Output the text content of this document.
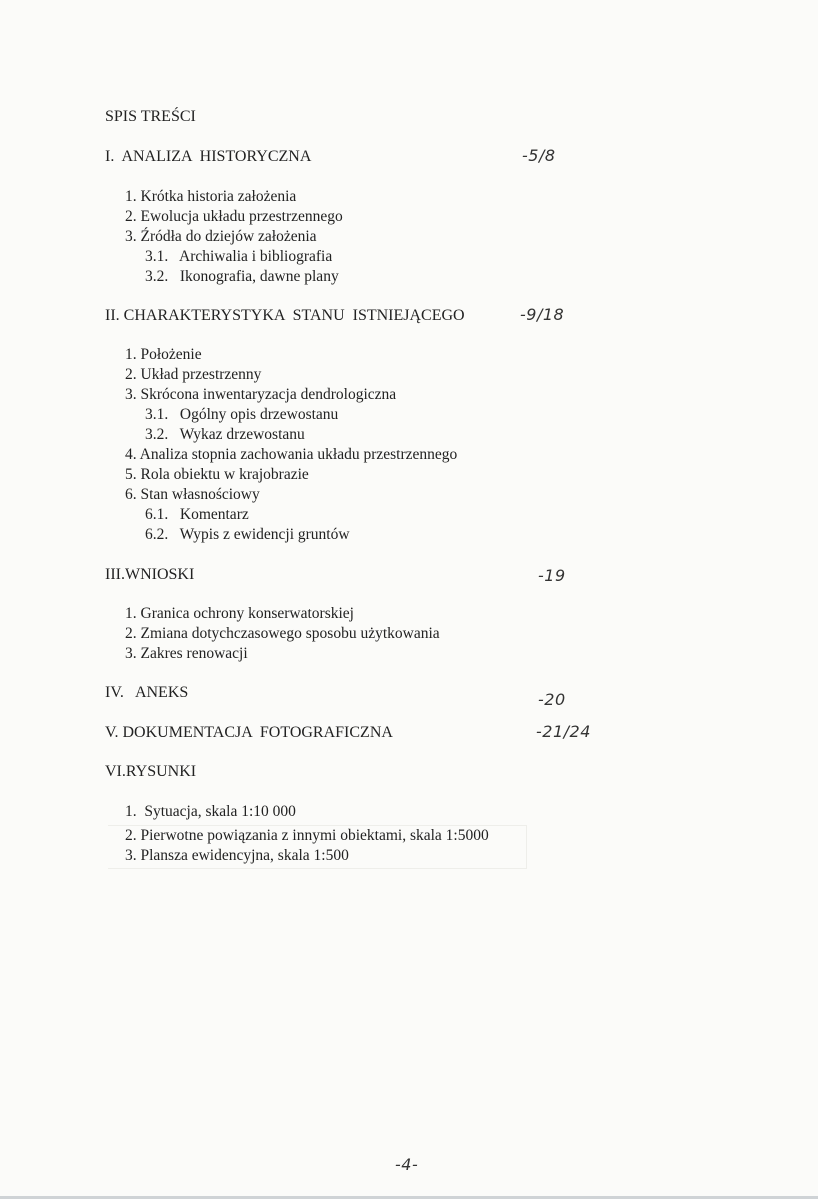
SPIS TREŚCI
I.  ANALIZA  HISTORYCZNA	-5/8
1. Krótka historia założenia
2. Ewolucja układu przestrzennego
3. Źródła do dziejów założenia
3.1.   Archiwalia i bibliografia
3.2.   Ikonografia, dawne plany
II. CHARAKTERYSTYKA  STANU  ISTNIEJĄCEGO	-9/18
1. Położenie
2. Układ przestrzenny
3. Skrócona inwentaryzacja dendrologiczna
3.1.   Ogólny opis drzewostanu
3.2.   Wykaz drzewostanu
4. Analiza stopnia zachowania układu przestrzennego
5. Rola obiektu w krajobrazie
6. Stan własnościowy
6.1.   Komentarz
6.2.   Wypis z ewidencji gruntów
III.WNIOSKI	-19
1. Granica ochrony konserwatorskiej
2. Zmiana dotychczasowego sposobu użytkowania
3. Zakres renowacji
IV.   ANEKS	-20
V. DOKUMENTACJA  FOTOGRAFICZNA	-21/24
VI.RYSUNKI
1.  Sytuacja, skala 1:10 000
2. Pierwotne powiązania z innymi obiektami, skala 1:5000
3. Plansza ewidencyjna, skala 1:500
-4-
